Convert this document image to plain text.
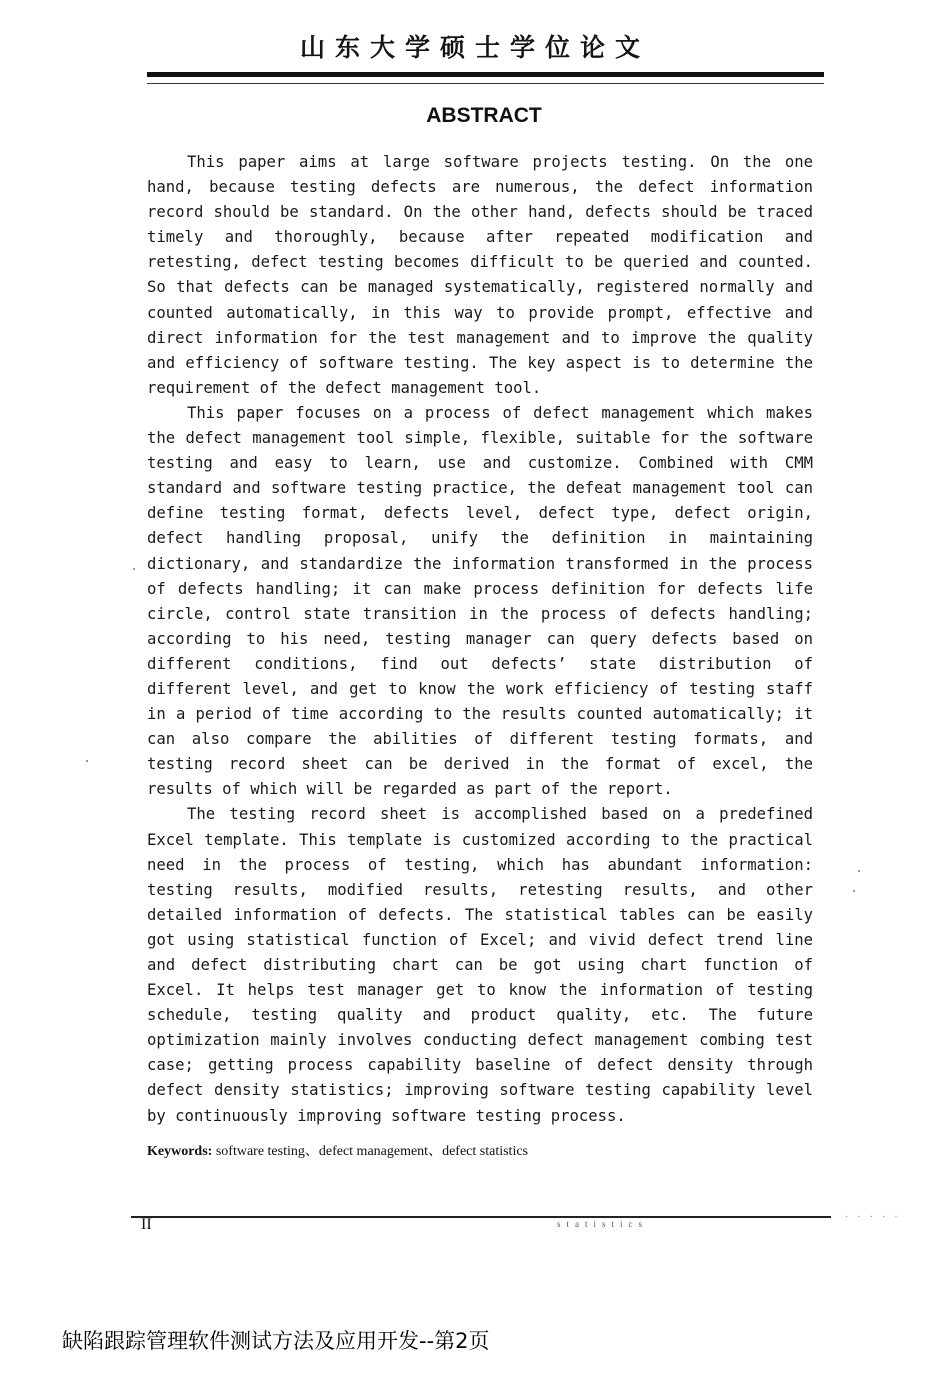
山东大学硕士学位论文
ABSTRACT

This paper aims at large software projects testing. On the one hand, because testing defects are numerous, the defect information record should be standard. On the other hand, defects should be traced timely and thoroughly, because after repeated modification and retesting, defect testing becomes difficult to be queried and counted. So that defects can be managed systematically, registered normally and counted automatically, in this way to provide prompt, effective and direct information for the test management and to improve the quality and efficiency of software testing. The key aspect is to determine the requirement of the defect management tool.

This paper focuses on a process of defect management which makes the defect management tool simple, flexible, suitable for the software testing and easy to learn, use and customize. Combined with CMM standard and software testing practice, the defeat management tool can define testing format, defects level, defect type, defect origin, defect handling proposal, unify the definition in maintaining dictionary, and standardize the information transformed in the process of defects handling; it can make process definition for defects life circle, control state transition in the process of defects handling; according to his need, testing manager can query defects based on different conditions, find out defects’ state distribution of different level, and get to know the work efficiency of testing staff in a period of time according to the results counted automatically; it can also compare the abilities of different testing formats, and testing record sheet can be derived in the format of excel, the results of which will be regarded as part of the report.

The testing record sheet is accomplished based on a predefined Excel template. This template is customized according to the practical need in the process of testing, which has abundant information: testing results, modified results, retesting results, and other detailed information of defects. The statistical tables can be easily got using statistical function of Excel; and vivid defect trend line and defect distributing chart can be got using chart function of Excel. It helps test manager get to know the information of testing schedule, testing quality and product quality, etc. The future optimization mainly involves conducting defect management combing test case; getting process capability baseline of defect density through defect density statistics; improving software testing capability level by continuously improving software testing process.

Keywords: software testing、defect management、defect statistics
· · · · ·
II	statistics
缺陷跟踪管理软件测试方法及应用开发--第2页
